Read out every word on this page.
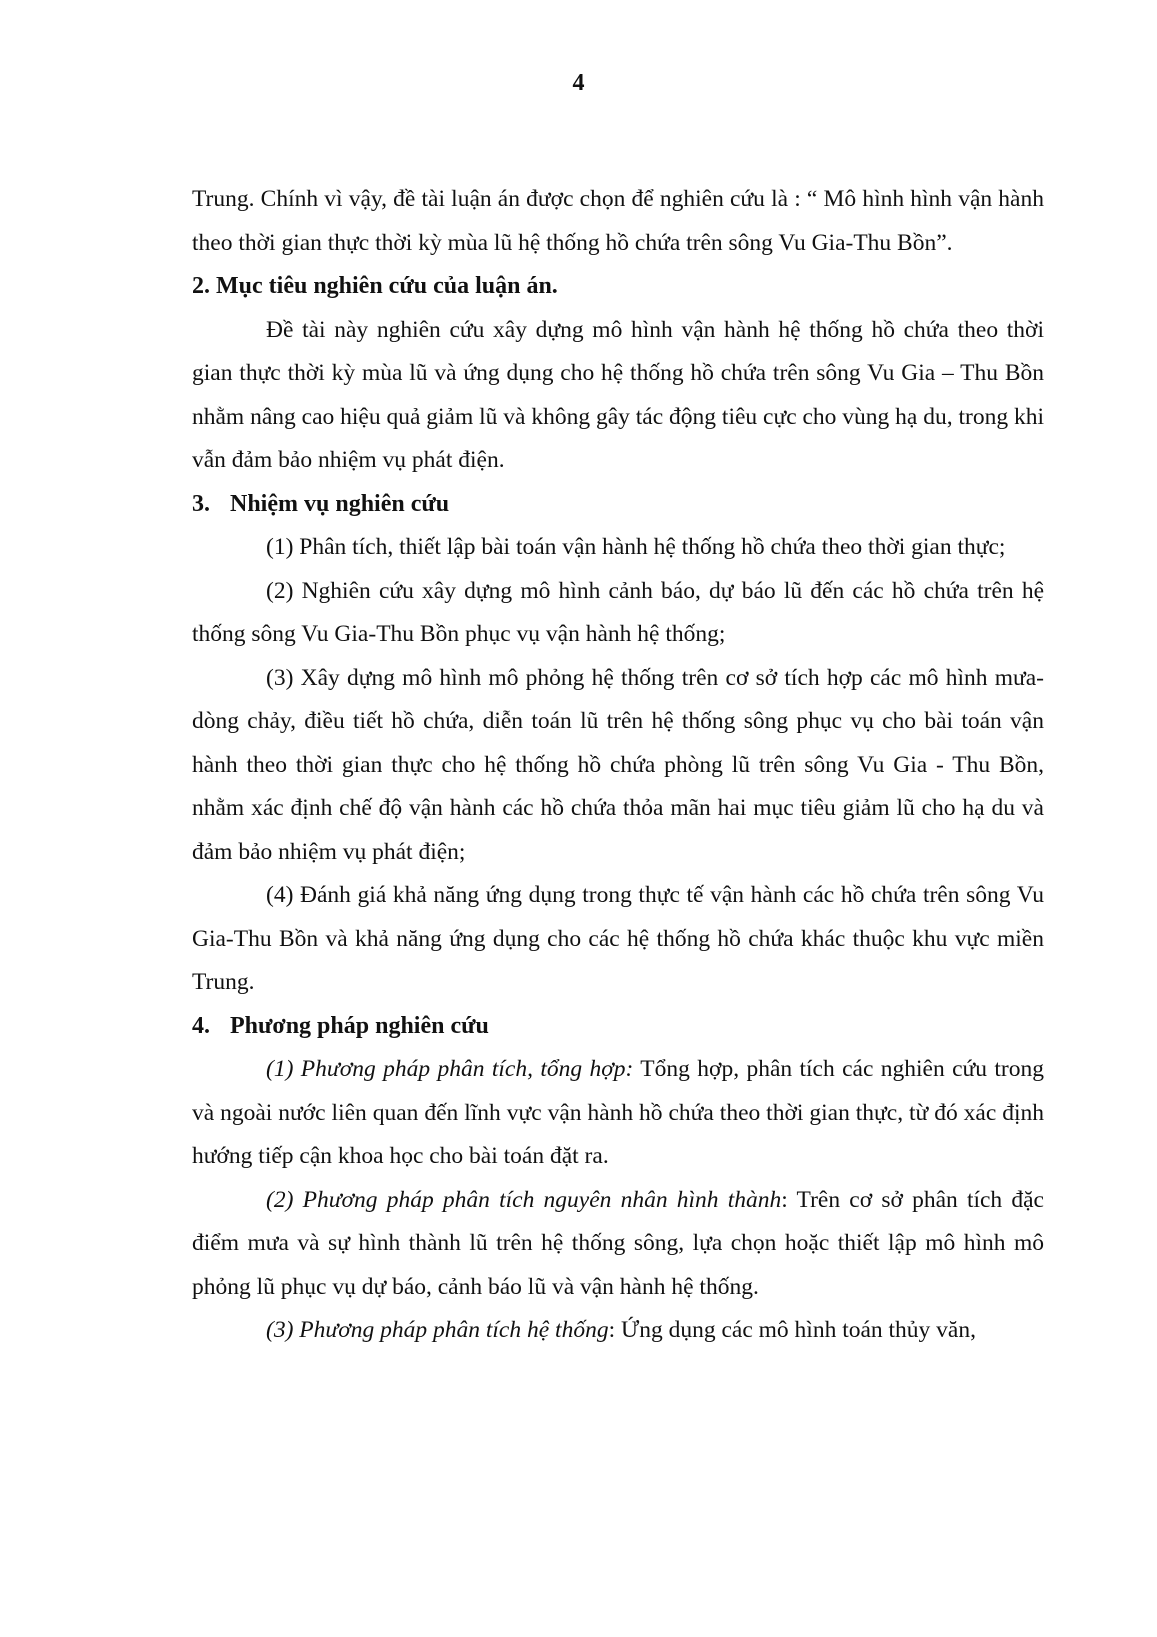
4

Trung. Chính vì vậy, đề tài luận án được chọn để nghiên cứu là : “ Mô hình hình vận hành theo thời gian thực thời kỳ mùa lũ hệ thống hồ chứa trên sông Vu Gia-Thu Bồn”.

2. Mục tiêu nghiên cứu của luận án.

Đề tài này nghiên cứu xây dựng mô hình vận hành hệ thống hồ chứa theo thời gian thực thời kỳ mùa lũ và ứng dụng cho hệ thống hồ chứa trên sông Vu Gia – Thu Bồn nhằm nâng cao hiệu quả giảm lũ và không gây tác động tiêu cực cho vùng hạ du, trong khi vẫn đảm bảo nhiệm vụ phát điện.

3. Nhiệm vụ nghiên cứu

(1) Phân tích, thiết lập bài toán vận hành hệ thống hồ chứa theo thời gian thực;

(2) Nghiên cứu xây dựng mô hình cảnh báo, dự báo lũ đến các hồ chứa trên hệ thống sông Vu Gia-Thu Bồn phục vụ vận hành hệ thống;

(3) Xây dựng mô hình mô phỏng hệ thống trên cơ sở tích hợp các mô hình mưa-dòng chảy, điều tiết hồ chứa, diễn toán lũ trên hệ thống sông phục vụ cho bài toán vận hành theo thời gian thực cho hệ thống hồ chứa phòng lũ trên sông Vu Gia - Thu Bồn, nhằm xác định chế độ vận hành các hồ chứa thỏa mãn hai mục tiêu giảm lũ cho hạ du và đảm bảo nhiệm vụ phát điện;

(4) Đánh giá khả năng ứng dụng trong thực tế vận hành các hồ chứa trên sông Vu Gia-Thu Bồn và khả năng ứng dụng cho các hệ thống hồ chứa khác thuộc khu vực miền Trung.

4. Phương pháp nghiên cứu

(1) Phương pháp phân tích, tổng hợp: Tổng hợp, phân tích các nghiên cứu trong và ngoài nước liên quan đến lĩnh vực vận hành hồ chứa theo thời gian thực, từ đó xác định hướng tiếp cận khoa học cho bài toán đặt ra.

(2) Phương pháp phân tích nguyên nhân hình thành: Trên cơ sở phân tích đặc điểm mưa và sự hình thành lũ trên hệ thống sông, lựa chọn hoặc thiết lập mô hình mô phỏng lũ phục vụ dự báo, cảnh báo lũ và vận hành hệ thống.

(3) Phương pháp phân tích hệ thống: Ứng dụng các mô hình toán thủy văn,
